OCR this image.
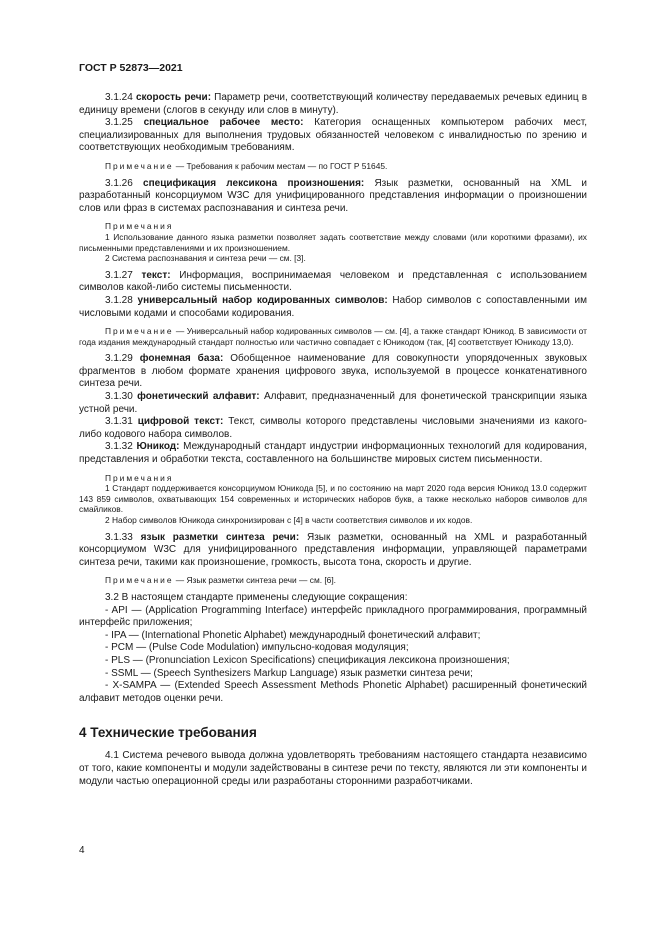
ГОСТ Р 52873—2021

3.1.24 скорость речи: Параметр речи, соответствующий количеству передаваемых речевых единиц в единицу времени (слогов в секунду или слов в минуту).

3.1.25 специальное рабочее место: Категория оснащенных компьютером рабочих мест, специализированных для выполнения трудовых обязанностей человеком с инвалидностью по зрению и соответствующих необходимым требованиям.

Примечание — Требования к рабочим местам — по ГОСТ Р 51645.

3.1.26 спецификация лексикона произношения: Язык разметки, основанный на XML и разработанный консорциумом W3C для унифицированного представления информации о произношении слов или фраз в системах распознавания и синтеза речи.

Примечания

1 Использование данного языка разметки позволяет задать соответствие между словами (или короткими фразами), их письменными представлениями и их произношением.

2 Система распознавания и синтеза речи — см. [3].

3.1.27 текст: Информация, воспринимаемая человеком и представленная с использованием символов какой-либо системы письменности.

3.1.28 универсальный набор кодированных символов: Набор символов с сопоставленными им числовыми кодами и способами кодирования.

Примечание — Универсальный набор кодированных символов — см. [4], а также стандарт Юникод. В зависимости от года издания международный стандарт полностью или частично совпадает с Юникодом (так, [4] соответствует Юникоду 13,0).

3.1.29 фонемная база: Обобщенное наименование для совокупности упорядоченных звуковых фрагментов в любом формате хранения цифрового звука, используемой в процессе конкатенативного синтеза речи.

3.1.30 фонетический алфавит: Алфавит, предназначенный для фонетической транскрипции языка устной речи.

3.1.31 цифровой текст: Текст, символы которого представлены числовыми значениями из какого-либо кодового набора символов.

3.1.32 Юникод: Международный стандарт индустрии информационных технологий для кодирования, представления и обработки текста, составленного на большинстве мировых систем письменности.

Примечания

1 Стандарт поддерживается консорциумом Юникода [5], и по состоянию на март 2020 года версия Юникод 13.0 содержит 143 859 символов, охватывающих 154 современных и исторических наборов букв, а также несколько наборов символов для смайликов.

2 Набор символов Юникода синхронизирован с [4] в части соответствия символов и их кодов.

3.1.33 язык разметки синтеза речи: Язык разметки, основанный на XML и разработанный консорциумом W3C для унифицированного представления информации, управляющей параметрами синтеза речи, такими как произношение, громкость, высота тона, скорость и другие.

Примечание — Язык разметки синтеза речи — см. [6].

3.2 В настоящем стандарте применены следующие сокращения:

- API — (Application Programming Interface) интерфейс прикладного программирования, программный интерфейс приложения;

- IPA — (International Phonetic Alphabet) международный фонетический алфавит;

- PCM — (Pulse Code Modulation) импульсно-кодовая модуляция;

- PLS — (Pronunciation Lexicon Specifications) спецификация лексикона произношения;

- SSML — (Speech Synthesizers Markup Language) язык разметки синтеза речи;

- X-SAMPA — (Extended Speech Assessment Methods Phonetic Alphabet) расширенный фонетический алфавит методов оценки речи.

4 Технические требования

4.1 Система речевого вывода должна удовлетворять требованиям настоящего стандарта независимо от того, какие компоненты и модули задействованы в синтезе речи по тексту, являются ли эти компоненты и модули частью операционной среды или разработаны сторонними разработчиками.

4
